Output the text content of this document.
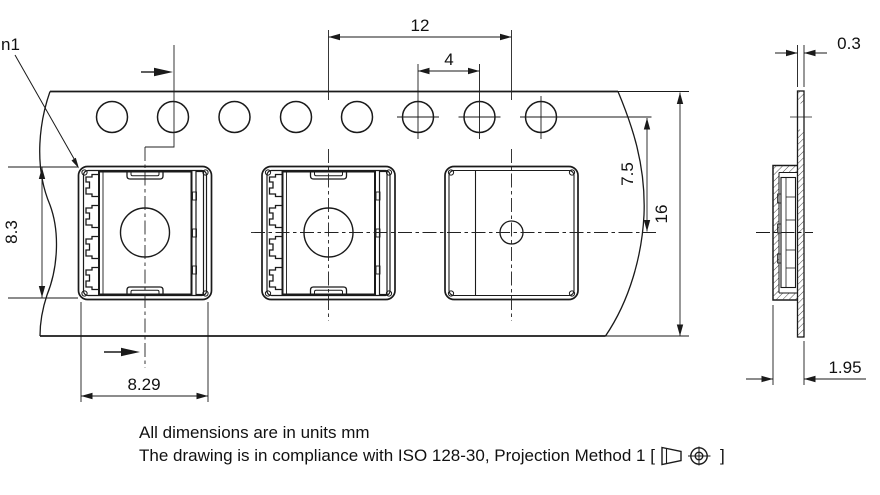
n1
12
4
7.5
16
8.3
8.29
0.3
1.95
All dimensions are in units mm
The drawing is in compliance with ISO 128-30, Projection Method 1 [	]
